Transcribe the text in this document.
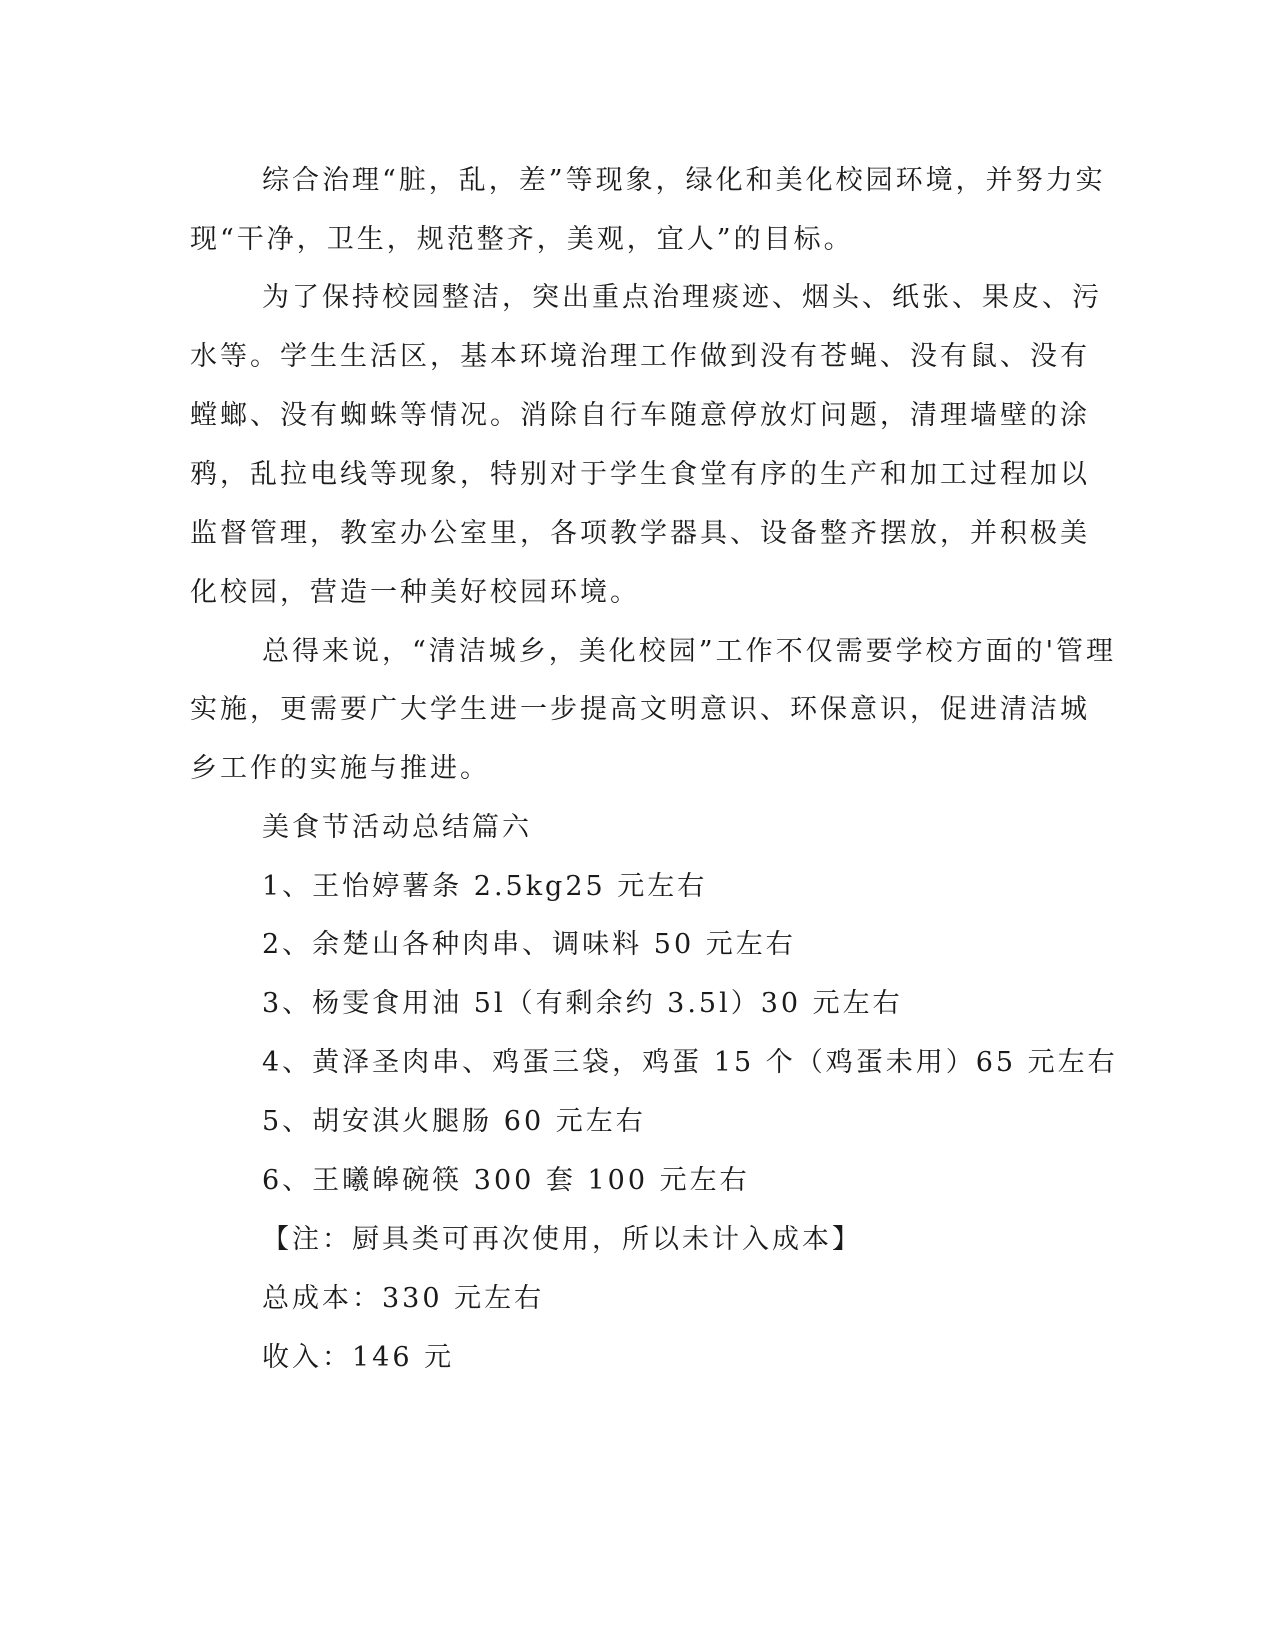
综合治理“脏，乱，差”等现象，绿化和美化校园环境，并努力实
现“干净，卫生，规范整齐，美观，宜人”的目标。
为了保持校园整洁，突出重点治理痰迹、烟头、纸张、果皮、污
水等。学生生活区，基本环境治理工作做到没有苍蝇、没有鼠、没有
螳螂、没有蜘蛛等情况。消除自行车随意停放灯问题，清理墙壁的涂
鸦，乱拉电线等现象，特别对于学生食堂有序的生产和加工过程加以
监督管理，教室办公室里，各项教学器具、设备整齐摆放，并积极美
化校园，营造一种美好校园环境。
总得来说，“清洁城乡，美化校园”工作不仅需要学校方面的'管理
实施，更需要广大学生进一步提高文明意识、环保意识，促进清洁城
乡工作的实施与推进。
美食节活动总结篇六
1、王怡婷薯条 2.5kg25 元左右
2、余楚山各种肉串、调味料 50 元左右
3、杨雯食用油 5l（有剩余约 3.5l）30 元左右
4、黄泽圣肉串、鸡蛋三袋，鸡蛋 15 个（鸡蛋未用）65 元左右
5、胡安淇火腿肠 60 元左右
6、王曦皞碗筷 300 套 100 元左右
【注：厨具类可再次使用，所以未计入成本】
总成本：330 元左右
收入：146 元
